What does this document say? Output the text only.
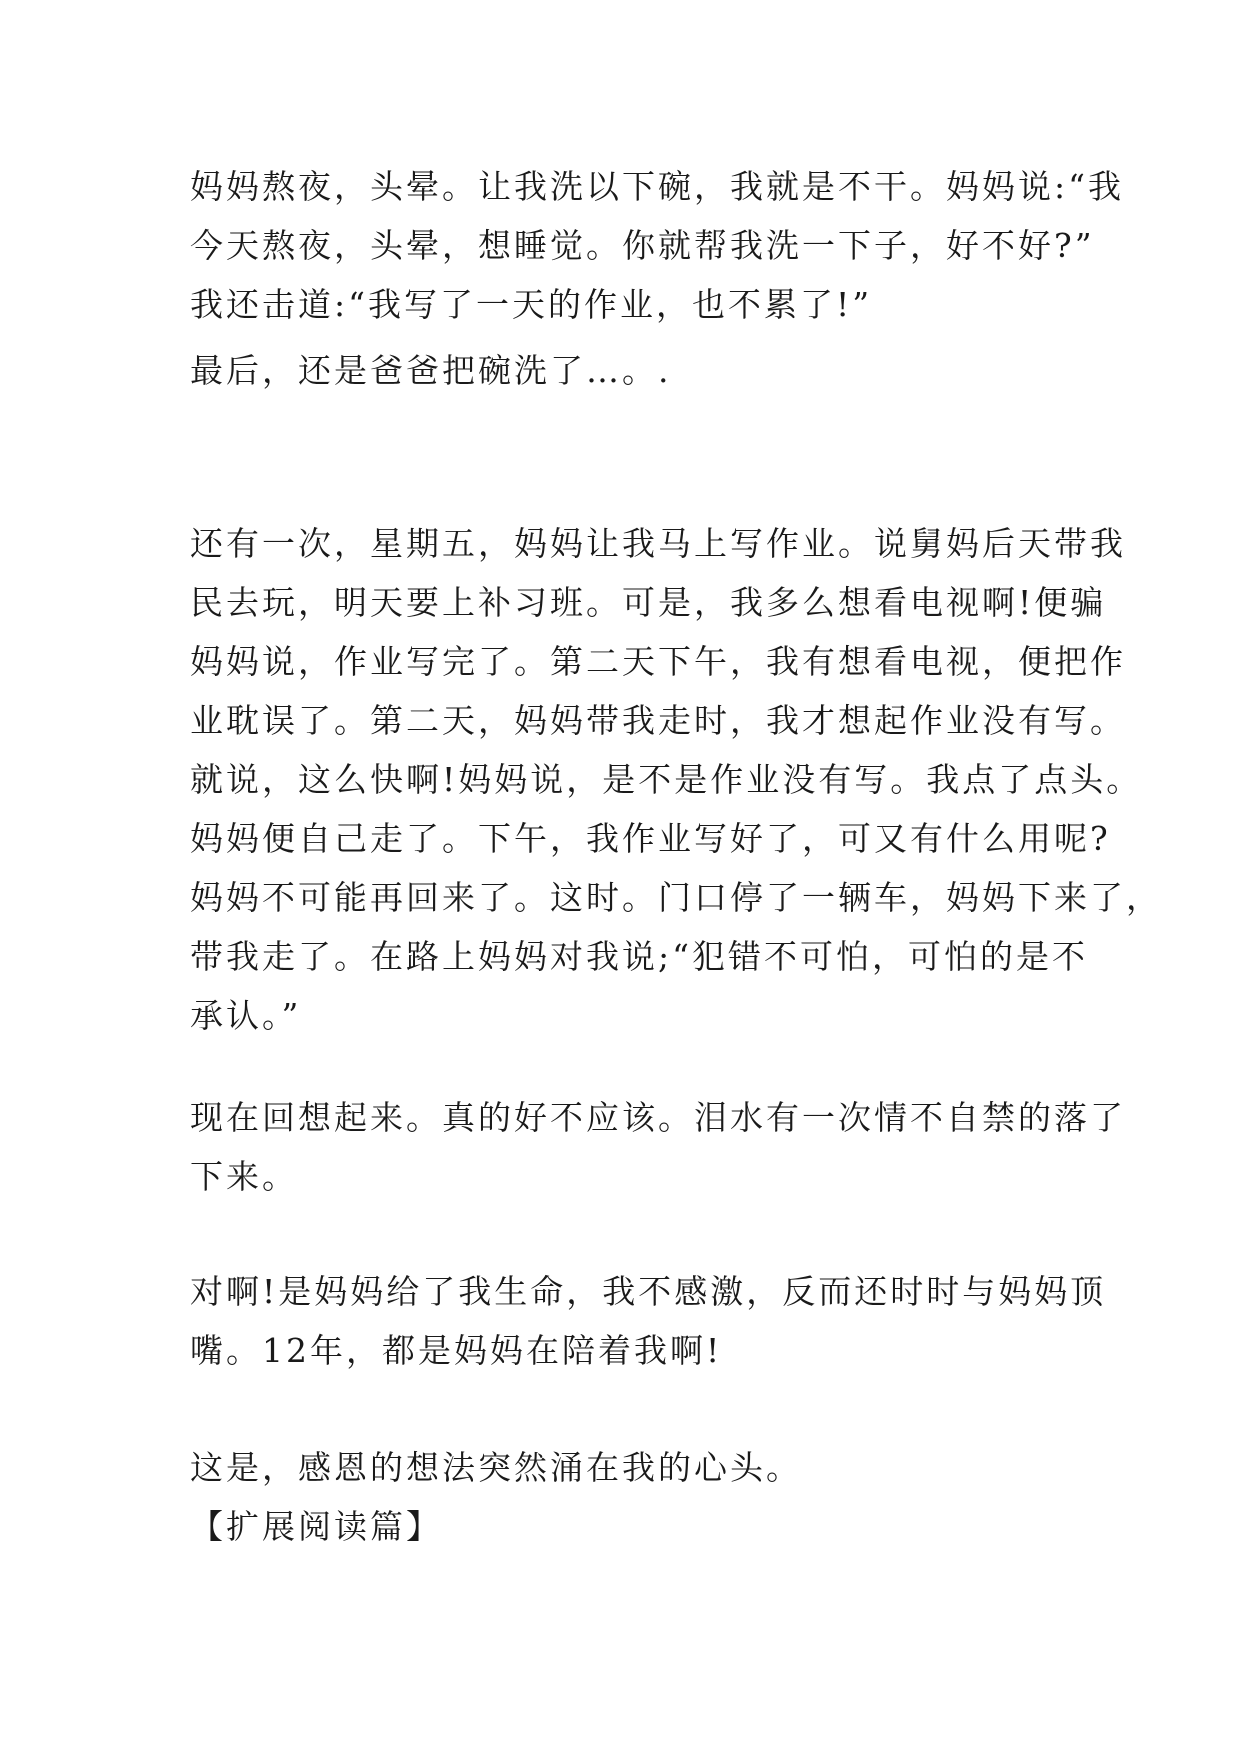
妈妈熬夜，头晕。让我洗以下碗，我就是不干。妈妈说:“我
今天熬夜，头晕，想睡觉。你就帮我洗一下子，好不好?”
我还击道:“我写了一天的作业，也不累了!”

最后，还是爸爸把碗洗了…。.

还有一次，星期五，妈妈让我马上写作业。说舅妈后天带我
民去玩，明天要上补习班。可是，我多么想看电视啊!便骗
妈妈说，作业写完了。第二天下午，我有想看电视，便把作
业耽误了。第二天，妈妈带我走时，我才想起作业没有写。
就说，这么快啊!妈妈说，是不是作业没有写。我点了点头。
妈妈便自己走了。下午，我作业写好了，可又有什么用呢?
妈妈不可能再回来了。这时。门口停了一辆车，妈妈下来了，
带我走了。在路上妈妈对我说;“犯错不可怕，可怕的是不
承认。”

现在回想起来。真的好不应该。泪水有一次情不自禁的落了
下来。

对啊!是妈妈给了我生命，我不感激，反而还时时与妈妈顶
嘴。12年，都是妈妈在陪着我啊!

这是，感恩的想法突然涌在我的心头。

【扩展阅读篇】
